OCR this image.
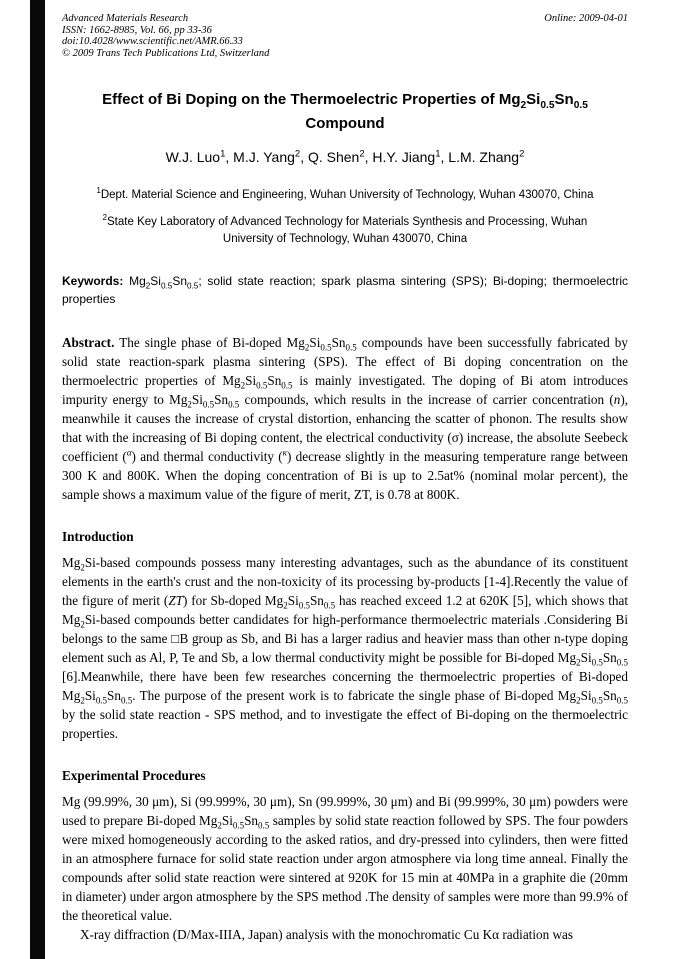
Advanced Materials Research
ISSN: 1662-8985, Vol. 66, pp 33-36
doi:10.4028/www.scientific.net/AMR.66.33
© 2009 Trans Tech Publications Ltd, Switzerland
Online: 2009-04-01
Effect of Bi Doping on the Thermoelectric Properties of $Mg_2Si_{0.5}Sn_{0.5}$
Compound
W.J. Luo$^1$, M.J. Yang$^2$, Q. Shen$^2$, H.Y. Jiang$^1$, L.M. Zhang$^2$
$^1$Dept. Material Science and Engineering, Wuhan University of Technology, Wuhan 430070, China
$^2$State Key Laboratory of Advanced Technology for Materials Synthesis and Processing, Wuhan
University of Technology, Wuhan 430070, China

Keywords: $Mg_2Si_{0.5}Sn_{0.5}$; solid state reaction; spark plasma sintering (SPS); Bi-doping; thermoelectric properties

Abstract. The single phase of Bi-doped $Mg_2Si_{0.5}Sn_{0.5}$ compounds have been successfully fabricated by solid state reaction-spark plasma sintering (SPS). The effect of Bi doping concentration on the thermoelectric properties of $Mg_2Si_{0.5}Sn_{0.5}$ is mainly investigated. The doping of Bi atom introduces impurity energy to $Mg_2Si_{0.5}Sn_{0.5}$ compounds, which results in the increase of carrier concentration (n), meanwhile it causes the increase of crystal distortion, enhancing the scatter of phonon. The results show that with the increasing of Bi doping content, the electrical conductivity (σ) increase, the absolute Seebeck coefficient ($^\alpha$) and thermal conductivity ($^\kappa$) decrease slightly in the measuring temperature range between 300 K and 800K. When the doping concentration of Bi is up to 2.5at% (nominal molar percent), the sample shows a maximum value of the figure of merit, ZT, is 0.78 at 800K.

Introduction

$Mg_2Si$-based compounds possess many interesting advantages, such as the abundance of its constituent elements in the earth's crust and the non-toxicity of its processing by-products [1-4].Recently the value of the figure of merit (ZT) for Sb-doped $Mg_2Si_{0.5}Sn_{0.5}$ has reached exceed 1.2 at 620K [5], which shows that $Mg_2Si$-based compounds better candidates for high-performance thermoelectric materials .Considering Bi belongs to the same □B group as Sb, and Bi has a larger radius and heavier mass than other n-type doping element such as Al, P, Te and Sb, a low thermal conductivity might be possible for Bi-doped $Mg_2Si_{0.5}Sn_{0.5}$ [6].Meanwhile, there have been few researches concerning the thermoelectric properties of Bi-doped $Mg_2Si_{0.5}Sn_{0.5}$. The purpose of the present work is to fabricate the single phase of Bi-doped $Mg_2Si_{0.5}Sn_{0.5}$ by the solid state reaction - SPS method, and to investigate the effect of Bi-doping on the thermoelectric properties.

Experimental Procedures

Mg (99.99%, 30 μm), Si (99.999%, 30 μm), Sn (99.999%, 30 μm) and Bi (99.999%, 30 μm) powders were used to prepare Bi-doped $Mg_2Si_{0.5}Sn_{0.5}$ samples by solid state reaction followed by SPS. The four powders were mixed homogeneously according to the asked ratios, and dry-pressed into cylinders, then were fitted in an atmosphere furnace for solid state reaction under argon atmosphere via long time anneal. Finally the compounds after solid state reaction were sintered at 920K for 15 min at 40MPa in a graphite die (20mm in diameter) under argon atmosphere by the SPS method .The density of samples were more than 99.9% of the theoretical value.

X-ray diffraction (D/Max-IIIA, Japan) analysis with the monochromatic Cu Kα radiation was
